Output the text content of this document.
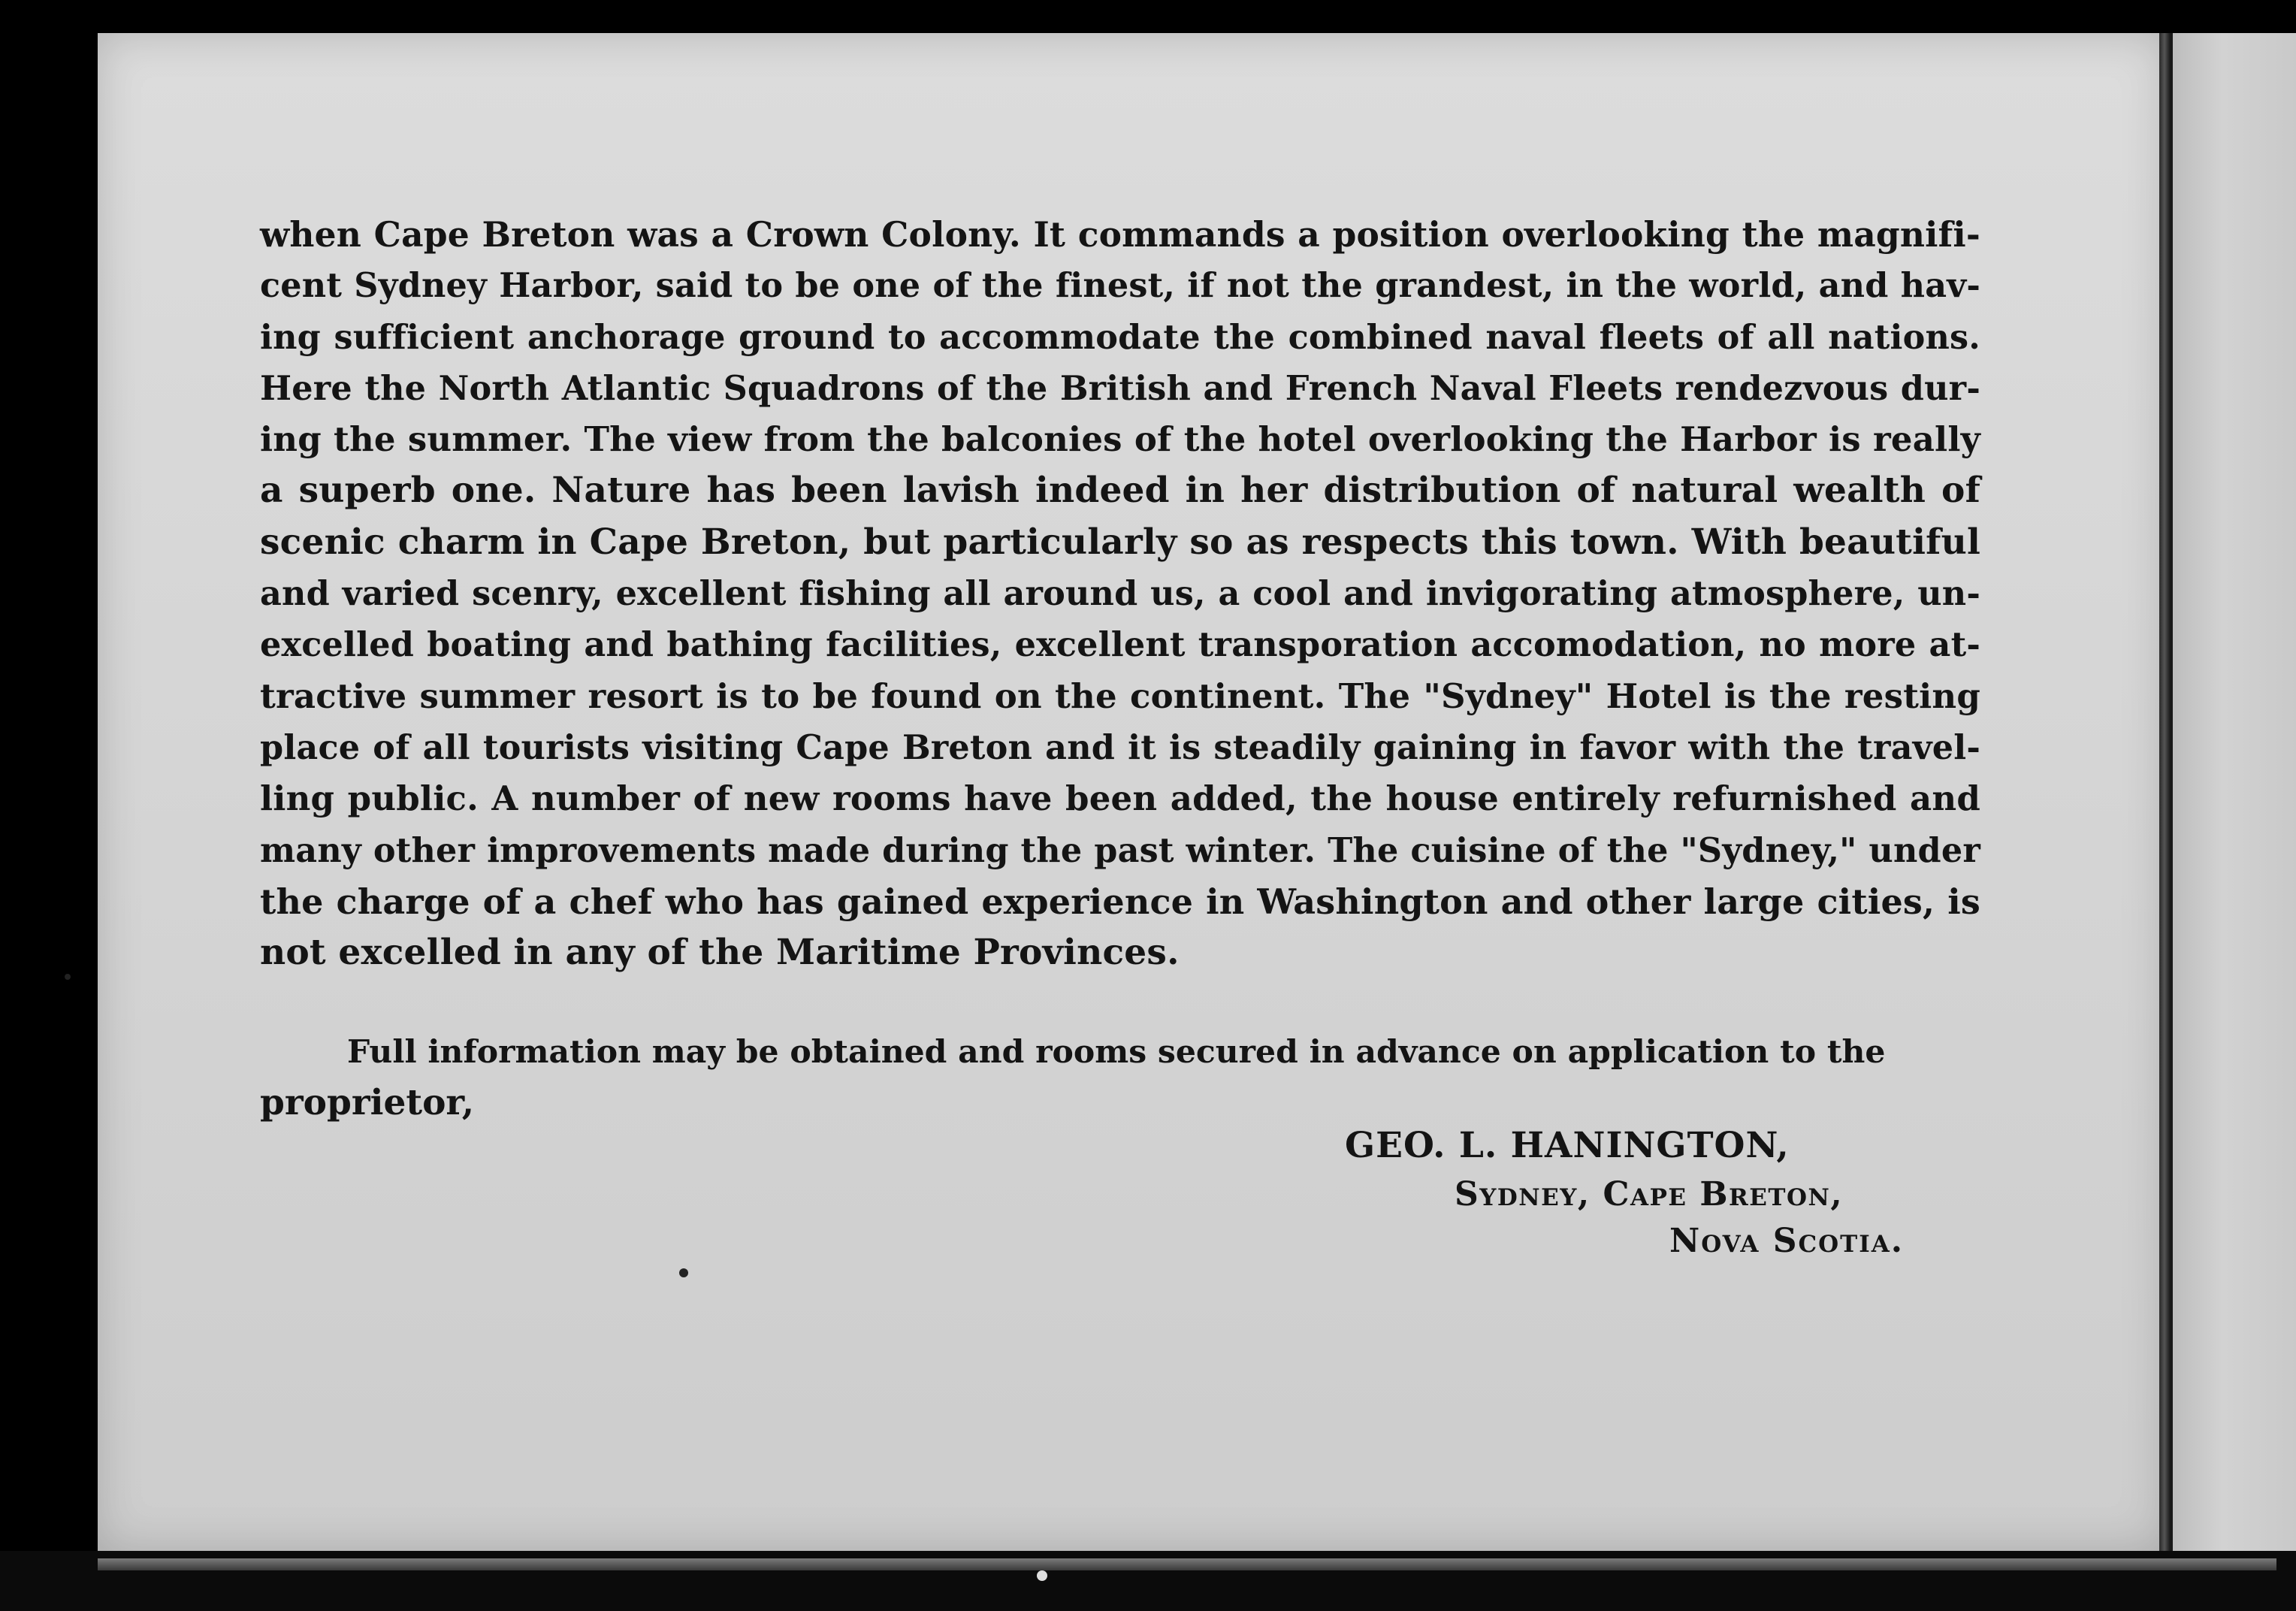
when Cape Breton was a Crown Colony. It commands a position overlooking the magnifi-
cent Sydney Harbor, said to be one of the finest, if not the grandest, in the world, and hav-
ing sufficient anchorage ground to accommodate the combined naval fleets of all nations.
Here the North Atlantic Squadrons of the British and French Naval Fleets rendezvous dur-
ing the summer. The view from the balconies of the hotel overlooking the Harbor is really
a superb one. Nature has been lavish indeed in her distribution of natural wealth of
scenic charm in Cape Breton, but particularly so as respects this town. With beautiful
and varied scenry, excellent fishing all around us, a cool and invigorating atmosphere, un-
excelled boating and bathing facilities, excellent transporation accomodation, no more at-
tractive summer resort is to be found on the continent. The "Sydney" Hotel is the resting
place of all tourists visiting Cape Breton and it is steadily gaining in favor with the travel-
ling public. A number of new rooms have been added, the house entirely refurnished and
many other improvements made during the past winter. The cuisine of the "Sydney," under
the charge of a chef who has gained experience in Washington and other large cities, is
not excelled in any of the Maritime Provinces.
Full information may be obtained and rooms secured in advance on application to the
proprietor,
GEO. L. HANINGTON,
Sydney, Cape Breton,
Nova Scotia.
